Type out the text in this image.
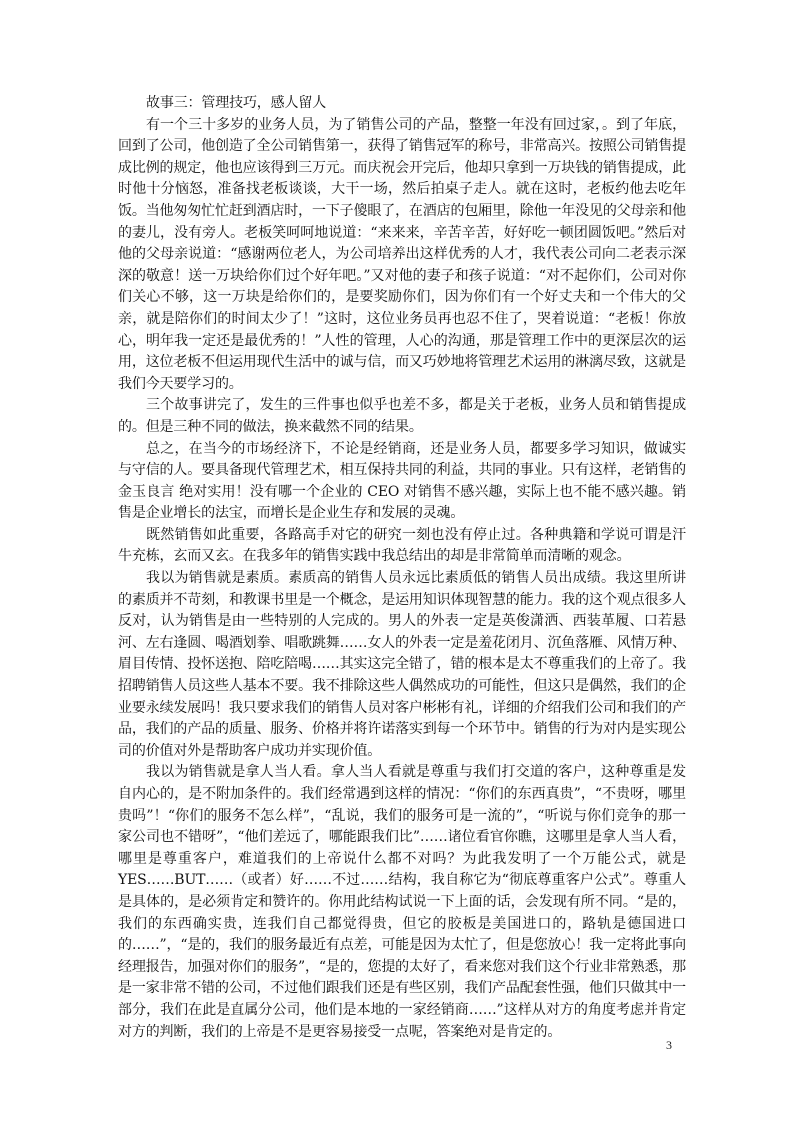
故事三：管理技巧，感人留人

有一个三十多岁的业务人员，为了销售公司的产品，整整一年没有回过家，。到了年底，回到了公司，他创造了全公司销售第一，获得了销售冠军的称号，非常高兴。按照公司销售提成比例的规定，他也应该得到三万元。而庆祝会开完后，他却只拿到一万块钱的销售提成，此时他十分恼怒，准备找老板谈谈，大干一场，然后拍桌子走人。就在这时，老板约他去吃年饭。当他匆匆忙忙赶到酒店时，一下子傻眼了，在酒店的包厢里，除他一年没见的父母亲和他的妻儿，没有旁人。老板笑呵呵地说道：“来来来，辛苦辛苦，好好吃一顿团圆饭吧。”然后对他的父母亲说道：“感谢两位老人，为公司培养出这样优秀的人才，我代表公司向二老表示深深的敬意！送一万块给你们过个好年吧。”又对他的妻子和孩子说道：“对不起你们，公司对你们关心不够，这一万块是给你们的，是要奖励你们，因为你们有一个好丈夫和一个伟大的父亲，就是陪你们的时间太少了！”这时，这位业务员再也忍不住了，哭着说道：“老板！你放心，明年我一定还是最优秀的！”人性的管理，人心的沟通，那是管理工作中的更深层次的运用，这位老板不但运用现代生活中的诚与信，而又巧妙地将管理艺术运用的淋漓尽致，这就是我们今天要学习的。

三个故事讲完了，发生的三件事也似乎也差不多，都是关于老板，业务人员和销售提成的。但是三种不同的做法，换来截然不同的结果。

总之，在当今的市场经济下，不论是经销商，还是业务人员，都要多学习知识，做诚实与守信的人。要具备现代管理艺术，相互保持共同的利益，共同的事业。只有这样，老销售的金玉良言 绝对实用！没有哪一个企业的 CEO 对销售不感兴趣，实际上也不能不感兴趣。销售是企业增长的法宝，而增长是企业生存和发展的灵魂。

既然销售如此重要，各路高手对它的研究一刻也没有停止过。各种典籍和学说可谓是汗牛充栋，玄而又玄。在我多年的销售实践中我总结出的却是非常简单而清晰的观念。

我以为销售就是素质。素质高的销售人员永远比素质低的销售人员出成绩。我这里所讲的素质并不苛刻，和教课书里是一个概念，是运用知识体现智慧的能力。我的这个观点很多人反对，认为销售是由一些特别的人完成的。男人的外表一定是英俊潇洒、西装革履、口若悬河、左右逢圆、喝酒划拳、唱歌跳舞……女人的外表一定是羞花闭月、沉鱼落雁、风情万种、眉目传情、投怀送抱、陪吃陪喝……其实这完全错了，错的根本是太不尊重我们的上帝了。我招聘销售人员这些人基本不要。我不排除这些人偶然成功的可能性，但这只是偶然，我们的企业要永续发展吗！我只要求我们的销售人员对客户彬彬有礼，详细的介绍我们公司和我们的产品，我们的产品的质量、服务、价格并将许诺落实到每一个环节中。销售的行为对内是实现公司的价值对外是帮助客户成功并实现价值。

我以为销售就是拿人当人看。拿人当人看就是尊重与我们打交道的客户，这种尊重是发自内心的，是不附加条件的。我们经常遇到这样的情况：“你们的东西真贵”，“不贵呀，哪里贵吗”！“你们的服务不怎么样”，“乱说，我们的服务可是一流的”，“听说与你们竞争的那一家公司也不错呀”，“他们差远了，哪能跟我们比”……诸位看官你瞧，这哪里是拿人当人看，哪里是尊重客户，难道我们的上帝说什么都不对吗？为此我发明了一个万能公式，就是 YES……BUT……（或者）好……不过……结构，我自称它为“彻底尊重客户公式”。尊重人是具体的，是必须肯定和赞许的。你用此结构试说一下上面的话，会发现有所不同。“是的，我们的东西确实贵，连我们自己都觉得贵，但它的胶板是美国进口的，路轨是德国进口的……”，“是的，我们的服务最近有点差，可能是因为太忙了，但是您放心！我一定将此事向经理报告，加强对你们的服务”，“是的，您提的太好了，看来您对我们这个行业非常熟悉，那是一家非常不错的公司，不过他们跟我们还是有些区别，我们产品配套性强，他们只做其中一部分，我们在此是直属分公司，他们是本地的一家经销商……”这样从对方的角度考虑并肯定对方的判断，我们的上帝是不是更容易接受一点呢，答案绝对是肯定的。

3
